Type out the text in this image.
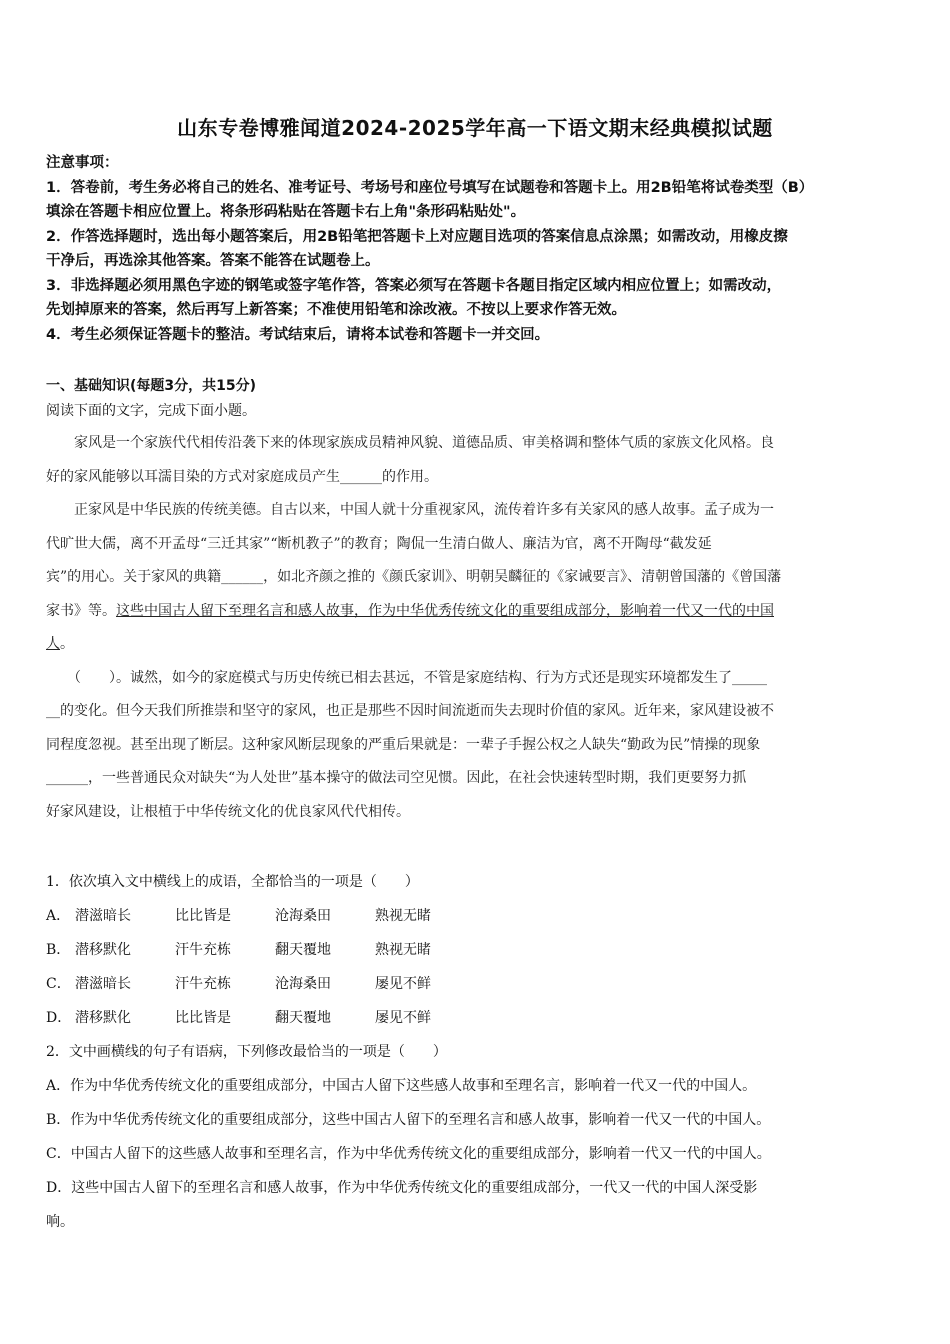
山东专卷博雅闻道2024-2025学年高一下语文期末经典模拟试题
注意事项：
1．答卷前，考生务必将自己的姓名、准考证号、考场号和座位号填写在试题卷和答题卡上。用2B铅笔将试卷类型（B）
填涂在答题卡相应位置上。将条形码粘贴在答题卡右上角"条形码粘贴处"。
2．作答选择题时，选出每小题答案后，用2B铅笔把答题卡上对应题目选项的答案信息点涂黑；如需改动，用橡皮擦
干净后，再选涂其他答案。答案不能答在试题卷上。
3．非选择题必须用黑色字迹的钢笔或签字笔作答，答案必须写在答题卡各题目指定区域内相应位置上；如需改动，
先划掉原来的答案，然后再写上新答案；不准使用铅笔和涂改液。不按以上要求作答无效。
4．考生必须保证答题卡的整洁。考试结束后，请将本试卷和答题卡一并交回。
一、基础知识(每题3分，共15分)
阅读下面的文字，完成下面小题。
　　家风是一个家族代代相传沿袭下来的体现家族成员精神风貌、道德品质、审美格调和整体气质的家族文化风格。良
好的家风能够以耳濡目染的方式对家庭成员产生______的作用。
　　正家风是中华民族的传统美德。自古以来，中国人就十分重视家风，流传着许多有关家风的感人故事。孟子成为一
代旷世大儒，离不开孟母“三迁其家”“断机教子”的教育；陶侃一生清白做人、廉洁为官，离不开陶母“截发延
宾”的用心。关于家风的典籍______，如北齐颜之推的《颜氏家训》、明朝吴麟征的《家诫要言》、清朝曾国藩的《曾国藩
家书》等。这些中国古人留下至理名言和感人故事，作为中华优秀传统文化的重要组成部分，影响着一代又一代的中国
人。
　　（　　）。诚然，如今的家庭模式与历史传统已相去甚远，不管是家庭结构、行为方式还是现实环境都发生了_____
__的变化。但今天我们所推崇和坚守的家风，也正是那些不因时间流逝而失去现时价值的家风。近年来，家风建设被不
同程度忽视。甚至出现了断层。这种家风断层现象的严重后果就是：一辈子手握公权之人缺失“勤政为民”情操的现象
______，一些普通民众对缺失“为人处世”基本操守的做法司空见惯。因此，在社会快速转型时期，我们更要努力抓
好家风建设，让根植于中华传统文化的优良家风代代相传。
1．依次填入文中横线上的成语，全都恰当的一项是（　　）
A． 潜滋暗长	比比皆是	沧海桑田	熟视无睹
B． 潜移默化	汗牛充栋	翻天覆地	熟视无睹
C． 潜滋暗长	汗牛充栋	沧海桑田	屡见不鲜
D． 潜移默化	比比皆是	翻天覆地	屡见不鲜
2．文中画横线的句子有语病，下列修改最恰当的一项是（　　）
A．作为中华优秀传统文化的重要组成部分，中国古人留下这些感人故事和至理名言，影响着一代又一代的中国人。
B．作为中华优秀传统文化的重要组成部分，这些中国古人留下的至理名言和感人故事，影响着一代又一代的中国人。
C．中国古人留下的这些感人故事和至理名言，作为中华优秀传统文化的重要组成部分，影响着一代又一代的中国人。
D．这些中国古人留下的至理名言和感人故事，作为中华优秀传统文化的重要组成部分，一代又一代的中国人深受影
响。
